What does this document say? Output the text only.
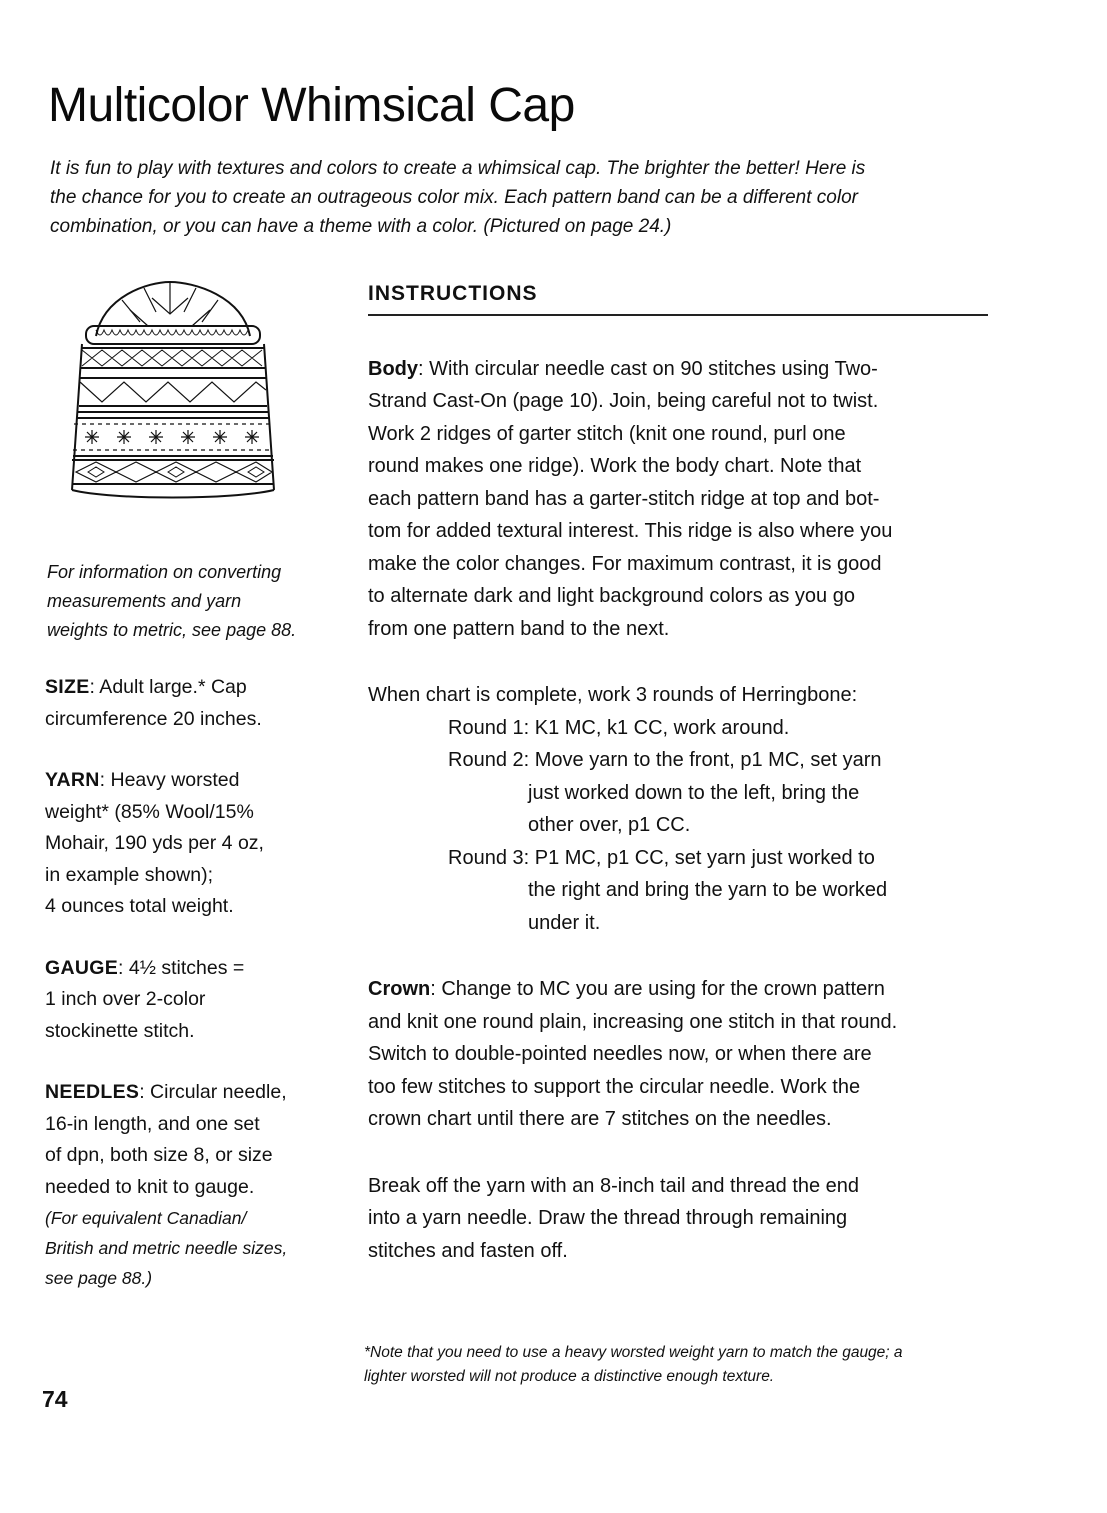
Multicolor Whimsical Cap

It is fun to play with textures and colors to create a whimsical cap. The brighter the better! Here is
the chance for you to create an outrageous color mix. Each pattern band can be a different color
combination, or you can have a theme with a color. (Pictured on page 24.)

For information on converting
measurements and yarn
weights to metric, see page 88.

SIZE: Adult large.* Cap
circumference 20 inches.
YARN: Heavy worsted
weight* (85% Wool/15%
Mohair, 190 yds per 4 oz,
in example shown);
4 ounces total weight.
GAUGE: 4½ stitches =
1 inch over 2-color
stockinette stitch.
NEEDLES: Circular needle,
16-in length, and one set
of dpn, both size 8, or size
needed to knit to gauge.
(For equivalent Canadian/
British and metric needle sizes,
see page 88.)
INSTRUCTIONS

Body: With circular needle cast on 90 stitches using Two-
Strand Cast-On (page 10). Join, being careful not to twist.
Work 2 ridges of garter stitch (knit one round, purl one
round makes one ridge). Work the body chart. Note that
each pattern band has a garter-stitch ridge at top and bot-
tom for added textural interest. This ridge is also where you
make the color changes. For maximum contrast, it is good
to alternate dark and light background colors as you go
from one pattern band to the next.

When chart is complete, work 3 rounds of Herringbone:

Round 1: K1 MC, k1 CC, work around.
Round 2: Move yarn to the front, p1 MC, set yarn
just worked down to the left, bring the
other over, p1 CC.
Round 3: P1 MC, p1 CC, set yarn just worked to
the right and bring the yarn to be worked
under it.

Crown: Change to MC you are using for the crown pattern
and knit one round plain, increasing one stitch in that round.
Switch to double-pointed needles now, or when there are
too few stitches to support the circular needle. Work the
crown chart until there are 7 stitches on the needles.

Break off the yarn with an 8-inch tail and thread the end
into a yarn needle. Draw the thread through remaining
stitches and fasten off.

*Note that you need to use a heavy worsted weight yarn to match the gauge; a
lighter worsted will not produce a distinctive enough texture.

74
